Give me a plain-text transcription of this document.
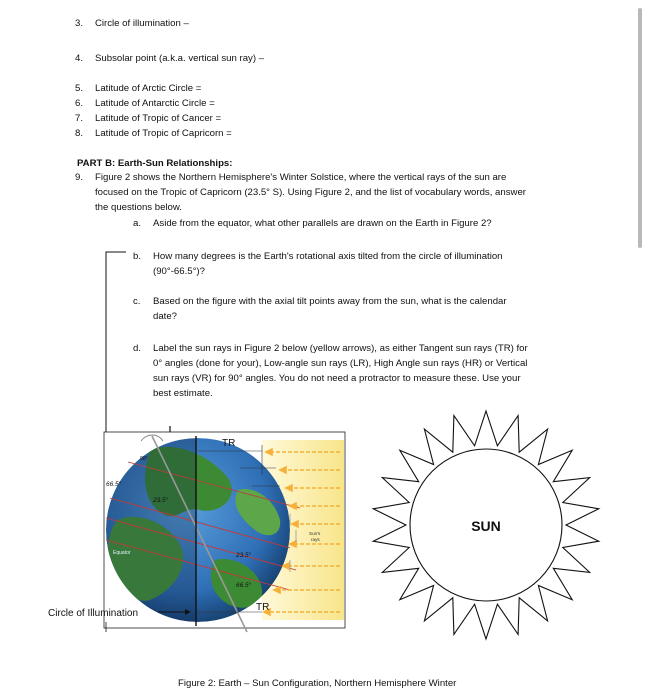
3. Circle of illumination –
4. Subsolar point (a.k.a. vertical sun ray) –
5. Latitude of Arctic Circle =
6. Latitude of Antarctic Circle =
7. Latitude of Tropic of Cancer =
8. Latitude of Tropic of Capricorn =
PART B: Earth-Sun Relationships:
9. Figure 2 shows the Northern Hemisphere's Winter Solstice, where the vertical rays of the sun are
focused on the Tropic of Capricorn (23.5° S). Using Figure 2, and the list of vocabulary words, answer
the questions below.
a. Aside from the equator, what other parallels are drawn on the Earth in Figure 2?
b. How many degrees is the Earth's rotational axis tilted from the circle of illumination
(90°-66.5°)?
c. Based on the figure with the axial tilt points away from the sun, what is the calendar
date?
d. Label the sun rays in Figure 2 below (yellow arrows), as either Tangent sun rays (TR) for
0° angles (done for your), Low-angle sun rays (LR), High Angle sun rays (HR) or Vertical
sun rays (VR) for 90° angles. You do not need a protractor to measure these. Use your
best estimate.
TR
TR
66.5°
90°
23.5°
23.5°
66.5°
Equator
Sun's
rays
Circle of Illumination
SUN
Figure 2: Earth – Sun Configuration, Northern Hemisphere Winter
